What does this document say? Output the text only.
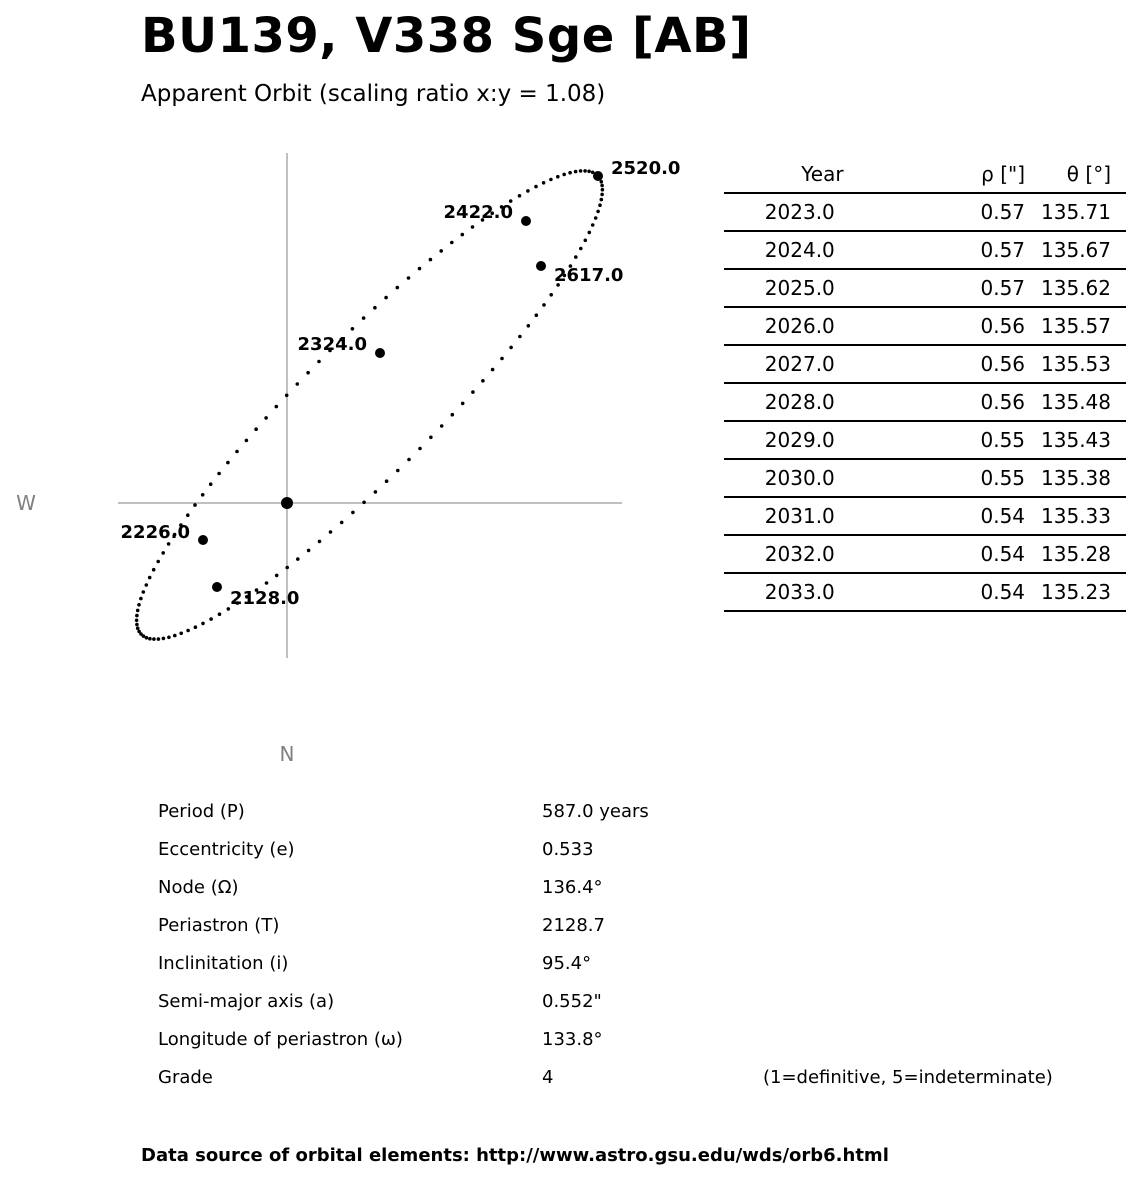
BU139, V338 Sge [AB]
Apparent Orbit (scaling ratio x:y = 1.08)
2128.0
2226.0
2324.0
2422.0
2520.0
2617.0
W
N
Year	ρ ["]	θ [°]
2023.0	0.57	135.71
2024.0	0.57	135.67
2025.0	0.57	135.62
2026.0	0.56	135.57
2027.0	0.56	135.53
2028.0	0.56	135.48
2029.0	0.55	135.43
2030.0	0.55	135.38
2031.0	0.54	135.33
2032.0	0.54	135.28
2033.0	0.54	135.23
Period (P)	587.0 years
Eccentricity (e)	0.533
Node (Ω)	136.4°
Periastron (T)	2128.7
Inclinitation (i)	95.4°
Semi-major axis (a)	0.552"
Longitude of periastron (ω)	133.8°
Grade	4	(1=definitive, 5=indeterminate)
Data source of orbital elements: http://www.astro.gsu.edu/wds/orb6.html
